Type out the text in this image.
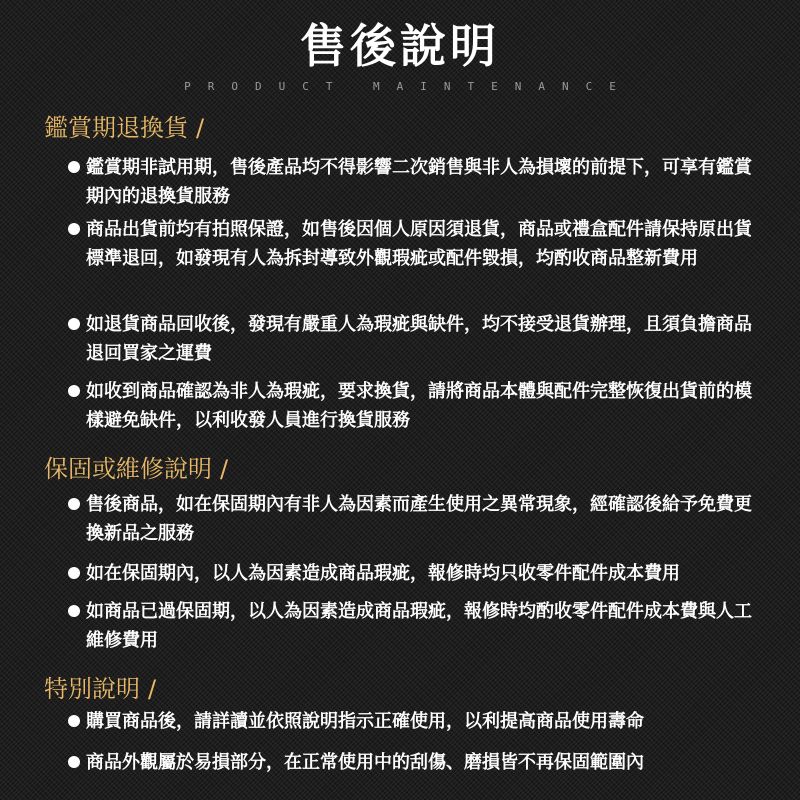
售後說明
PRODUCT MAINTENANCE
鑑賞期退換貨 /
鑑賞期非試用期，售後產品均不得影響二次銷售與非人為損壞的前提下，可享有鑑賞期內的退換貨服務
商品出貨前均有拍照保證，如售後因個人原因須退貨，商品或禮盒配件請保持原出貨標準退回，如發現有人為拆封導致外觀瑕疵或配件毀損，均酌收商品整新費用
如退貨商品回收後，發現有嚴重人為瑕疵與缺件，均不接受退貨辦理，且須負擔商品退回買家之運費
如收到商品確認為非人為瑕疵，要求換貨，請將商品本體與配件完整恢復出貨前的模樣避免缺件，以利收發人員進行換貨服務
保固或維修說明 /
售後商品，如在保固期內有非人為因素而產生使用之異常現象，經確認後給予免費更換新品之服務
如在保固期內，以人為因素造成商品瑕疵，報修時均只收零件配件成本費用
如商品已過保固期，以人為因素造成商品瑕疵，報修時均酌收零件配件成本費與人工維修費用
特別說明 /
購買商品後，請詳讀並依照說明指示正確使用，以利提高商品使用壽命
商品外觀屬於易損部分，在正常使用中的刮傷、磨損皆不再保固範圍內
